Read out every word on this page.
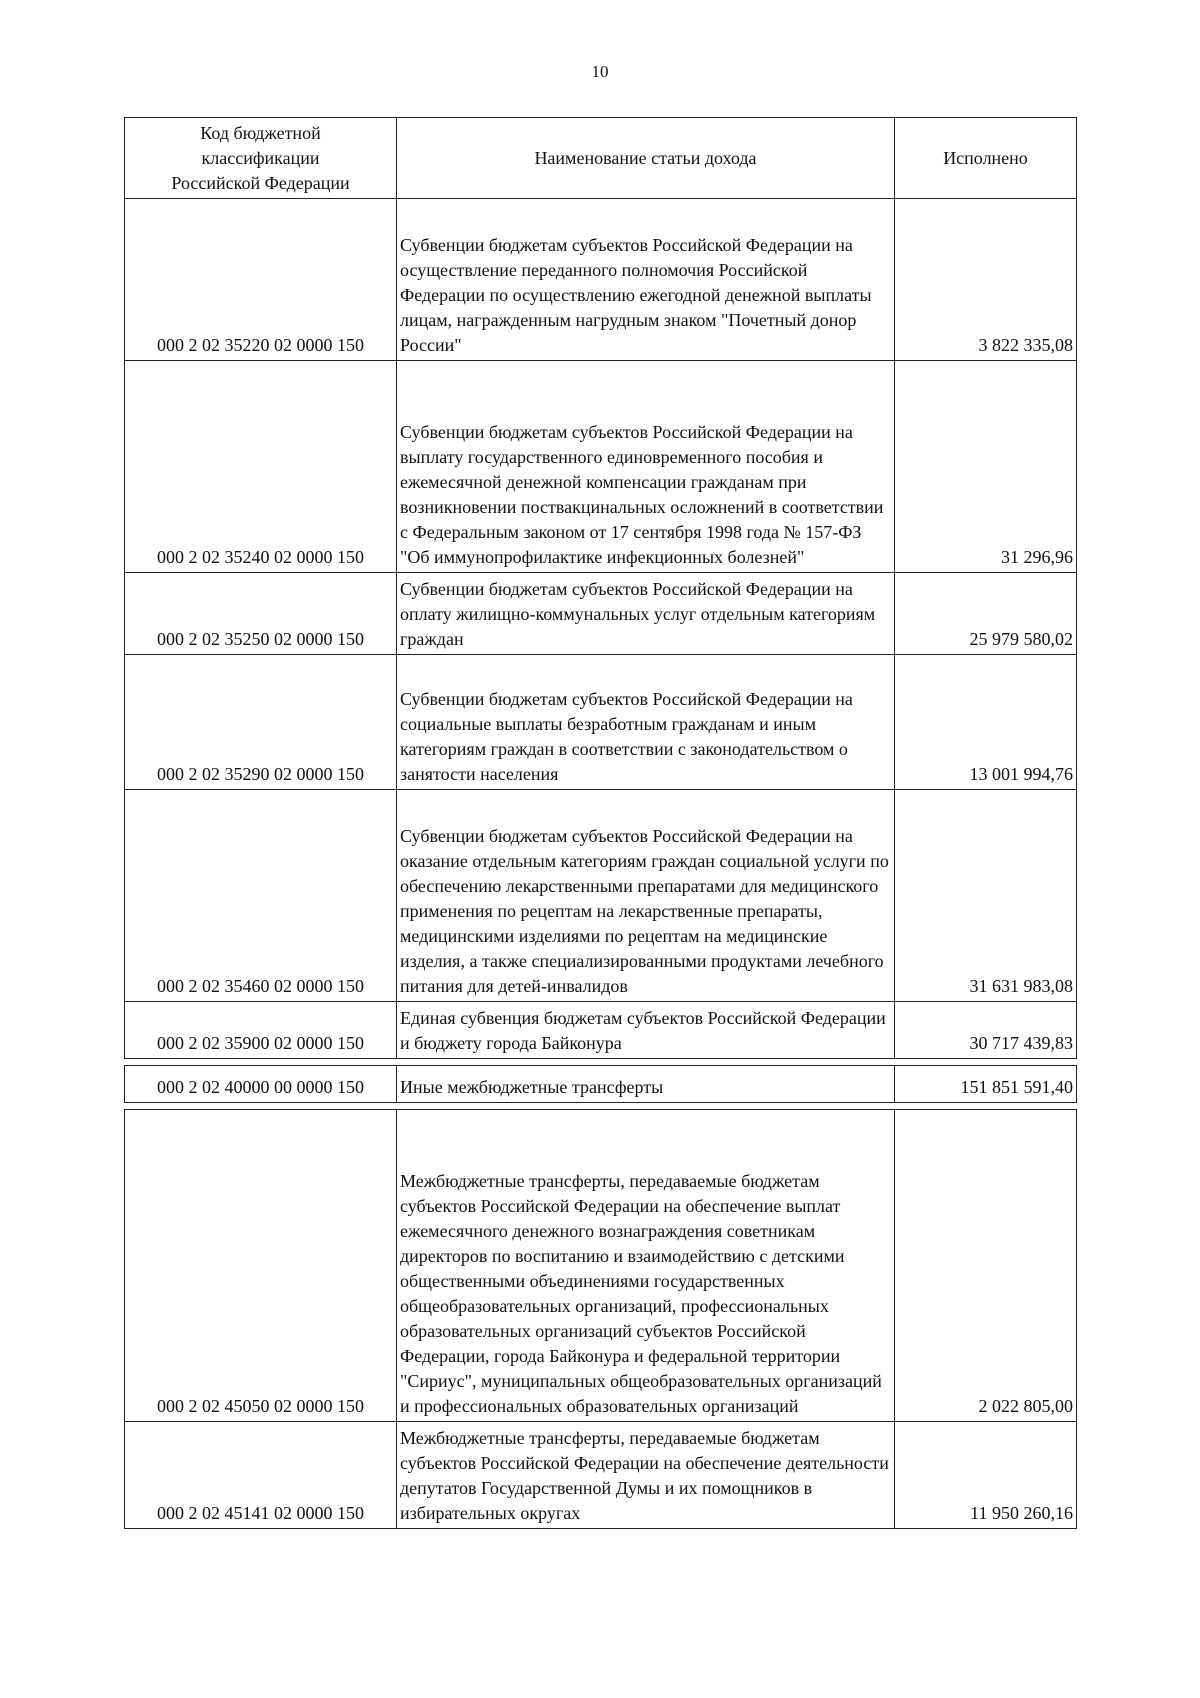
10
Код бюджетной классификации Российской Федерации	Наименование статьи дохода	Исполнено
000 2 02 35220 02 0000 150	Субвенции бюджетам субъектов Российской Федерации на осуществление переданного полномочия Российской Федерации по осуществлению ежегодной денежной выплаты лицам, награжденным нагрудным знаком "Почетный донор России"	3 822 335,08
000 2 02 35240 02 0000 150	Субвенции бюджетам субъектов Российской Федерации на выплату государственного единовременного пособия и ежемесячной денежной компенсации гражданам при возникновении поствакцинальных осложнений в соответствии с Федеральным законом от 17 сентября 1998 года № 157-ФЗ "Об иммунопрофилактике инфекционных болезней"	31 296,96
000 2 02 35250 02 0000 150	Субвенции бюджетам субъектов Российской Федерации на оплату жилищно-коммунальных услуг отдельным категориям граждан	25 979 580,02
000 2 02 35290 02 0000 150	Субвенции бюджетам субъектов Российской Федерации на социальные выплаты безработным гражданам и иным категориям граждан в соответствии с законодательством о занятости населения	13 001 994,76
000 2 02 35460 02 0000 150	Субвенции бюджетам субъектов Российской Федерации на оказание отдельным категориям граждан социальной услуги по обеспечению лекарственными препаратами для медицинского применения по рецептам на лекарственные препараты, медицинскими изделиями по рецептам на медицинские изделия, а также специализированными продуктами лечебного питания для детей-инвалидов	31 631 983,08
000 2 02 35900 02 0000 150	Единая субвенция бюджетам субъектов Российской Федерации и бюджету города Байконура	30 717 439,83

000 2 02 40000 00 0000 150	Иные межбюджетные трансферты	151 851 591,40

000 2 02 45050 02 0000 150	Межбюджетные трансферты, передаваемые бюджетам субъектов Российской Федерации на обеспечение выплат ежемесячного денежного вознаграждения советникам директоров по воспитанию и взаимодействию с детскими общественными объединениями государственных общеобразовательных организаций, профессиональных образовательных организаций субъектов Российской Федерации, города Байконура и федеральной территории "Сириус", муниципальных общеобразовательных организаций и профессиональных образовательных организаций	2 022 805,00
000 2 02 45141 02 0000 150	Межбюджетные трансферты, передаваемые бюджетам субъектов Российской Федерации на обеспечение деятельности депутатов Государственной Думы и их помощников в избирательных округах	11 950 260,16
